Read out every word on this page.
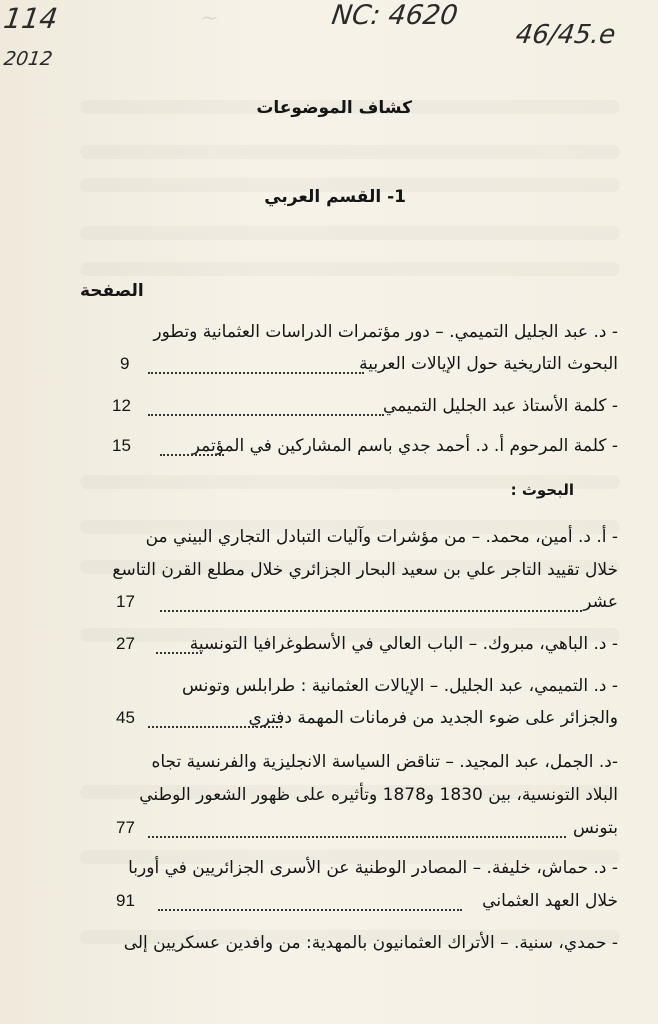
114
2012
NC: 4620
46/45.e
~
كشاف الموضوعات
1- القسم العربي
الصفحة
- د. عبد الجليل التميمي. – دور مؤتمرات الدراسات العثمانية وتطور
البحوث التاريخية حول الإيالات العربية
9
- كلمة الأستاذ عبد الجليل التميمي
12
- كلمة المرحوم أ. د. أحمد جدي باسم المشاركين في المؤتمر
15
البحوث :
- أ. د. أمين، محمد. – من مؤشرات وآليات التبادل التجاري البيني من
خلال تقييد التاجر علي بن سعيد البحار الجزائري خلال مطلع القرن التاسع
عشر
17
- د. الباهي، مبروك. – الباب العالي في الأسطوغرافيا التونسية
27
- د. التميمي، عبد الجليل. – الإيالات العثمانية : طرابلس وتونس
والجزائر على ضوء الجديد من فرمانات المهمة دفتري
45
-د. الجمل، عبد المجيد. – تناقض السياسة الانجليزية والفرنسية تجاه
البلاد التونسية، بين 1830 و1878 وتأثيره على ظهور الشعور الوطني
بتونس
77
- د. حماش، خليفة. – المصادر الوطنية عن الأسرى الجزائريين في أوربا
خلال العهد العثماني
91
- حمدي، سنية. – الأتراك العثمانيون بالمهدية: من وافدين عسكريين إلى
